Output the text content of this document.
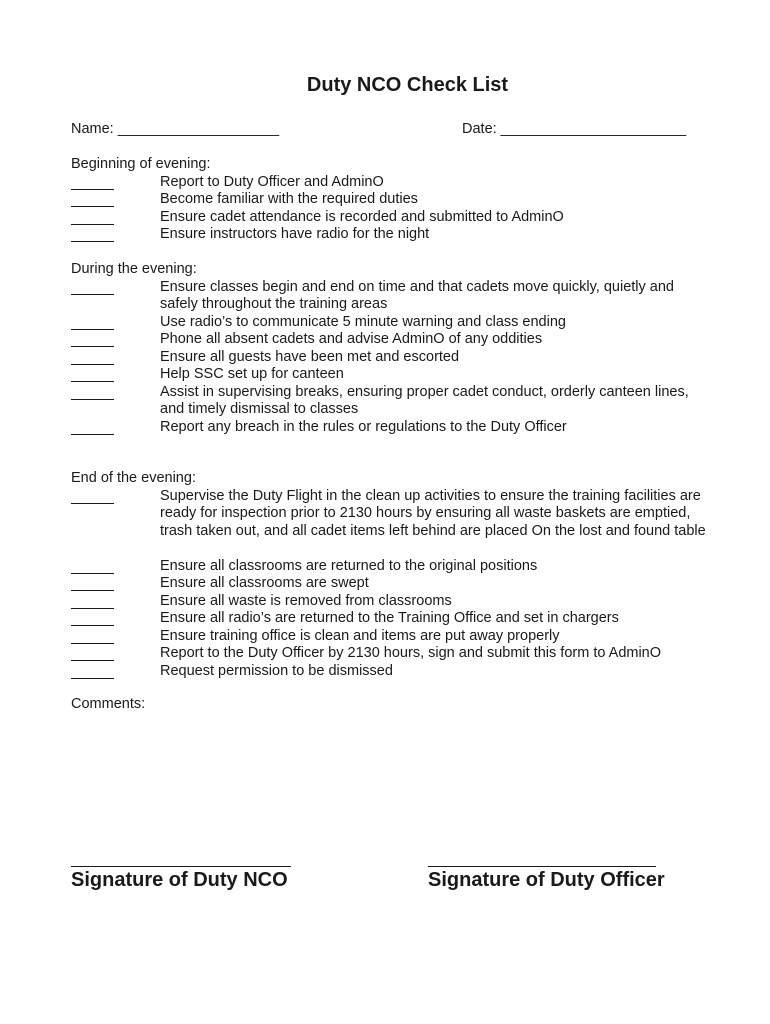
Duty NCO Check List
Name: ____________________	Date: _______________________
Beginning of evening:
Report to Duty Officer and AdminO
Become familiar with the required duties
Ensure cadet attendance is recorded and submitted to AdminO
Ensure instructors have radio for the night
During the evening:
Ensure classes begin and end on time and that cadets move quickly, quietly and safely throughout the training areas
Use radio’s to communicate 5 minute warning and class ending
Phone all absent cadets and advise AdminO of any oddities
Ensure all guests have been met and escorted
Help SSC set up for canteen
Assist in supervising breaks, ensuring proper cadet conduct, orderly canteen lines, and timely dismissal to classes
Report any breach in the rules or regulations to the Duty Officer
End of the evening:
Supervise the Duty Flight in the clean up activities to ensure the training facilities are ready for inspection prior to 2130 hours by ensuring all waste baskets are emptied, trash taken out, and all cadet items left behind are placed On the lost and found table
Ensure all classrooms are returned to the original positions
Ensure all classrooms are swept
Ensure all waste is removed from classrooms
Ensure all radio’s are returned to the Training Office and set in chargers
Ensure training office is clean and items are put away properly
Report to the Duty Officer by 2130 hours, sign and submit this form to AdminO
Request permission to be dismissed
Comments:
Signature of Duty NCO	Signature of Duty Officer
